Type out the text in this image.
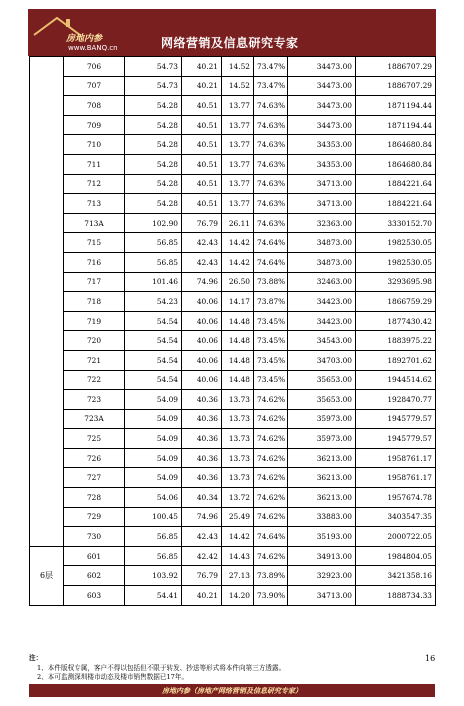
房地内参
www.BANQ.cn	网络营销及信息研究专家
	706	54.73	40.21	14.52	73.47%	34473.00	1886707.29
	707	54.73	40.21	14.52	73.47%	34473.00	1886707.29
	708	54.28	40.51	13.77	74.63%	34473.00	1871194.44
	709	54.28	40.51	13.77	74.63%	34473.00	1871194.44
	710	54.28	40.51	13.77	74.63%	34353.00	1864680.84
	711	54.28	40.51	13.77	74.63%	34353.00	1864680.84
	712	54.28	40.51	13.77	74.63%	34713.00	1884221.64
	713	54.28	40.51	13.77	74.63%	34713.00	1884221.64
	713A	102.90	76.79	26.11	74.63%	32363.00	3330152.70
	715	56.85	42.43	14.42	74.64%	34873.00	1982530.05
	716	56.85	42.43	14.42	74.64%	34873.00	1982530.05
	717	101.46	74.96	26.50	73.88%	32463.00	3293695.98
	718	54.23	40.06	14.17	73.87%	34423.00	1866759.29
	719	54.54	40.06	14.48	73.45%	34423.00	1877430.42
	720	54.54	40.06	14.48	73.45%	34543.00	1883975.22
	721	54.54	40.06	14.48	73.45%	34703.00	1892701.62
	722	54.54	40.06	14.48	73.45%	35653.00	1944514.62
	723	54.09	40.36	13.73	74.62%	35653.00	1928470.77
	723A	54.09	40.36	13.73	74.62%	35973.00	1945779.57
	725	54.09	40.36	13.73	74.62%	35973.00	1945779.57
	726	54.09	40.36	13.73	74.62%	36213.00	1958761.17
	727	54.09	40.36	13.73	74.62%	36213.00	1958761.17
	728	54.06	40.34	13.72	74.62%	36213.00	1957674.78
	729	100.45	74.96	25.49	74.62%	33883.00	3403547.35
	730	56.85	42.43	14.42	74.64%	35193.00	2000722.05
6层	601	56.85	42.42	14.43	74.62%	34913.00	1984804.05
	602	103.92	76.79	27.13	73.89%	32923.00	3421358.16
	603	54.41	40.21	14.20	73.90%	34713.00	1888734.33
注：
1、本件版权专属，客户不得以包括但不限于转发、抄送等形式将本件向第三方透露。
2、本可监测深圳楼市动态及楼市销售数据已17年。
16
房地内参（房地产网络营销及信息研究专家）
